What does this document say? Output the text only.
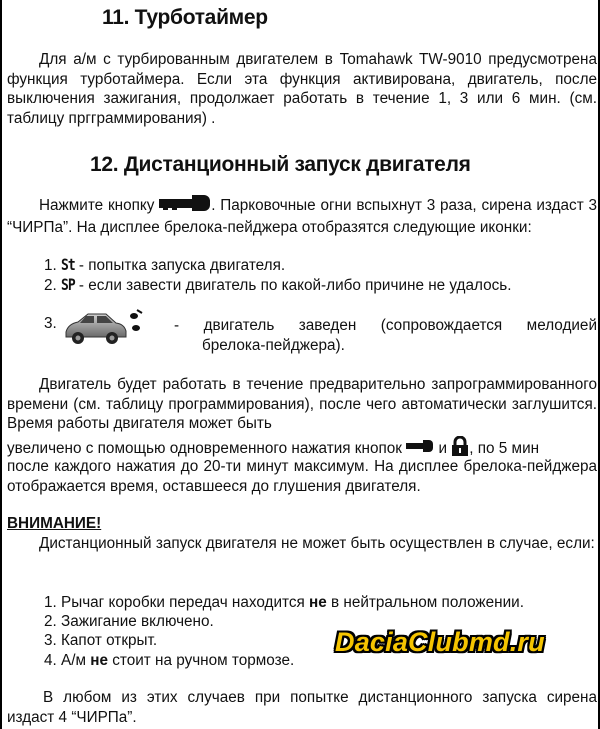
11. Турботаймер
Для а/м с турбированным двигателем в Tomahawk TW-9010 предусмотрена функция турботаймера. Если эта функция активирована, двигатель, после выключения зажигания, продолжает работать в течение 1, 3 или 6 мин. (см. таблицу пргграммирования) .
12. Дистанционный запуск двигателя
Нажмите кнопку	. Парковочные огни вспыхнут 3 раза, сирена издаст 3 “ЧИРПа”. На дисплее брелока-пейджера отобразятся следующие иконки:
1. St - попытка запуска двигателя.
2. SP - если завести двигатель по какой-либо причине не удалось.
3.	- двигатель заведен (сопровождается мелодией
брелока-пейджера).
Двигатель будет работать в течение предварительно запрограммированного времени (см. таблицу программирования), после чего автоматически заглушится. Время работы двигателя может быть
увеличено с помощью одновременного нажатия кнопок и , по 5 мин
после каждого нажатия до 20-ти минут максимум. На дисплее брелока-пейджера отображается время, оставшееся до глушения двигателя.
ВНИМАНИЕ!
Дистанционный запуск двигателя не может быть осуществлен в случае, если:
1. Рычаг коробки передач находится не в нейтральном положении.
2. Зажигание включено.
3. Капот открыт.
4. А/м не стоит на ручном тормозе.
В любом из этих случаев при попытке дистанционного запуска сирена издаст 4 “ЧИРПа”.
DaciaClubmd.ru
